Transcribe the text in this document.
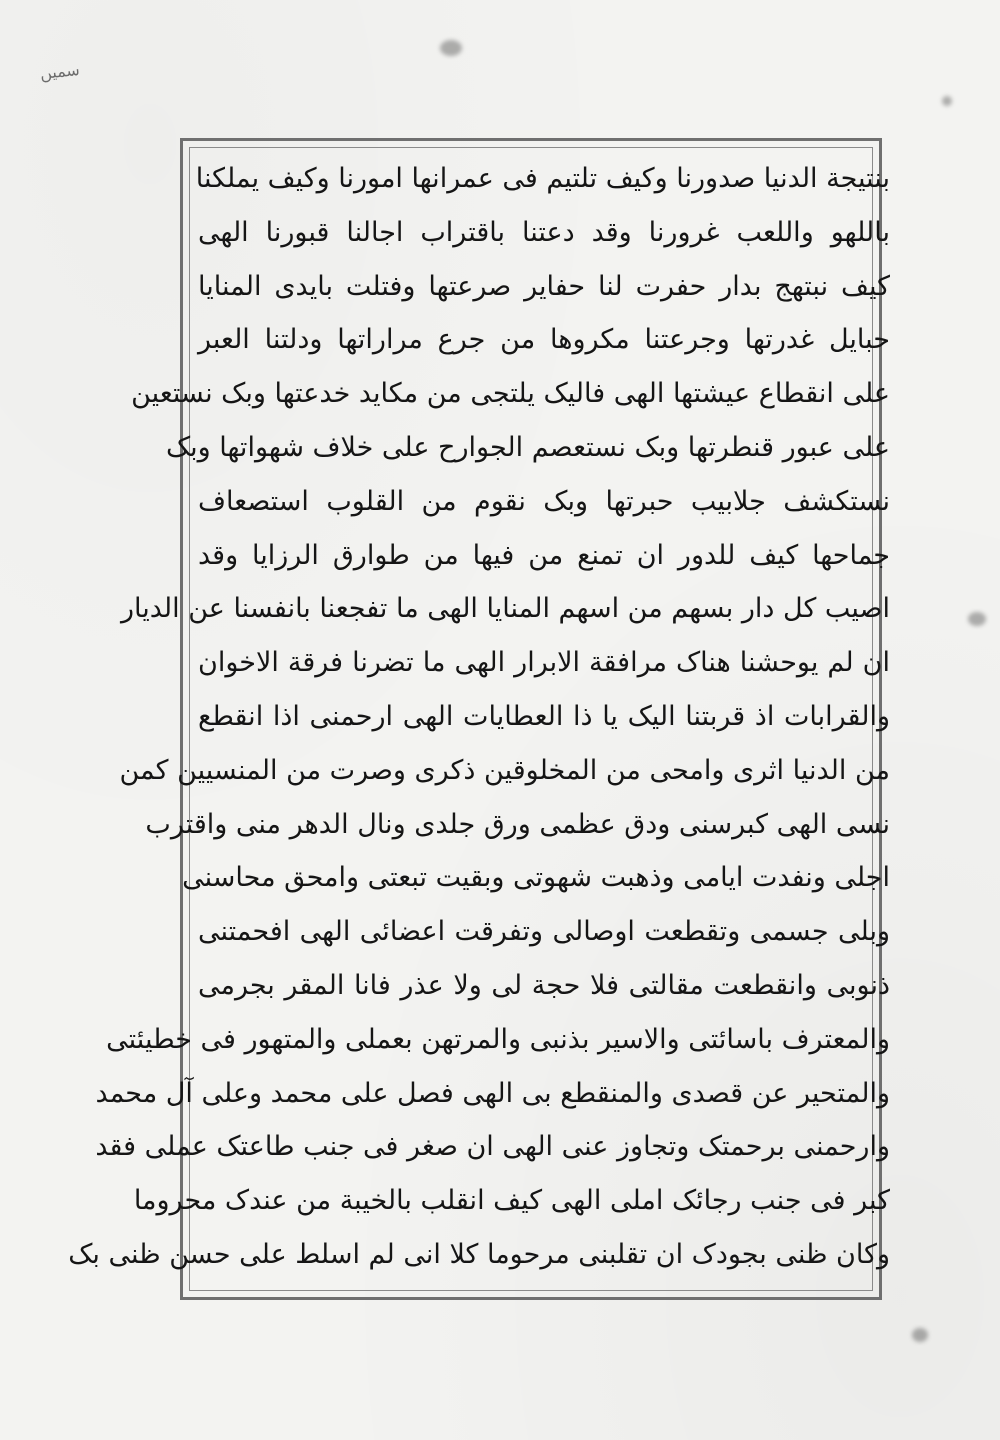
سمیں
بنتیجة الدنیا صدورنا وکیف تلتیم فی عمرانها امورنا وکیف یملکنا
باللهو واللعب غرورنا وقد دعتنا باقتراب اجالنا قبورنا الهی
کیف نبتهج بدار حفرت لنا حفایر صرعتها وفتلت بایدی المنایا
حبایل غدرتها وجرعتنا مکروها من جرع مراراتها ودلتنا العبر
علی انقطاع عیشتها الهی فالیک یلتجی من مکاید خدعتها وبک نستعین
علی عبور قنطرتها وبک نستعصم الجوارح علی خلاف شهواتها وبک
نستکشف جلابیب حبرتها وبک نقوم من القلوب استصعاف
جماحها کیف للدور ان تمنع من فیها من طوارق الرزایا وقد
اصیب کل دار بسهم من اسهم المنایا الهی ما تفجعنا بانفسنا عن الدیار
ان لم یوحشنا هناک مرافقة الابرار الهی ما تضرنا فرقة الاخوان
والقرابات اذ قربتنا الیک یا ذا العطایات الهی ارحمنی اذا انقطع
من الدنیا اثری وامحی من المخلوقین ذکری وصرت من المنسیین کمن
نسی الهی کبرسنی ودق عظمی ورق جلدی ونال الدهر منی واقترب
اجلی ونفدت ایامی وذهبت شهوتی وبقیت تبعتی وامحق محاسنی
وبلی جسمی وتقطعت اوصالی وتفرقت اعضائی الهی افحمتنی
ذنوبی وانقطعت مقالتی فلا حجة لی ولا عذر فانا المقر بجرمی
والمعترف باسائتی والاسیر بذنبی والمرتهن بعملی والمتهور فی خطیئتی
والمتحیر عن قصدی والمنقطع بی الهی فصل علی محمد وعلی آل محمد
وارحمنی برحمتک وتجاوز عنی الهی ان صغر فی جنب طاعتک عملی فقد
کبر فی جنب رجائک املی الهی کیف انقلب بالخیبة من عندک محروما
وکان ظنی بجودک ان تقلبنی مرحوما کلا انی لم اسلط علی حسن ظنی بک
